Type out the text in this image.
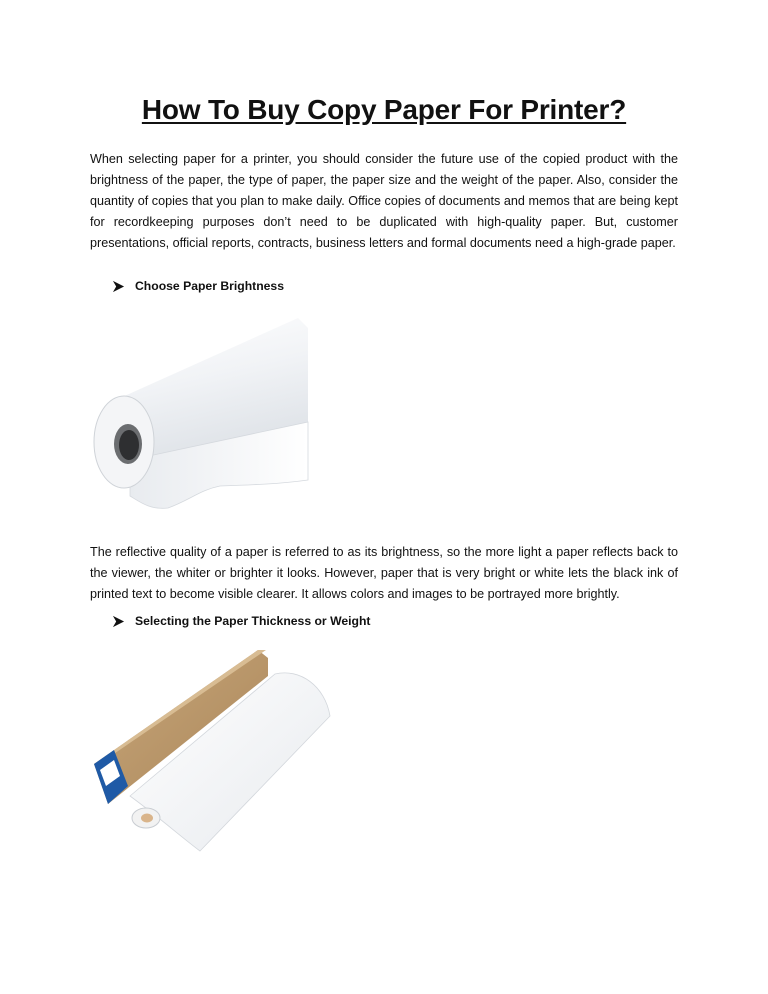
How To Buy Copy Paper For Printer?

When selecting paper for a printer, you should consider the future use of the copied product with the brightness of the paper, the type of paper, the paper size and the weight of the paper. Also, consider the quantity of copies that you plan to make daily. Office copies of documents and memos that are being kept for recordkeeping purposes don’t need to be duplicated with high-quality paper. But, customer presentations, official reports, contracts, business letters and formal documents need a high-grade paper.

Choose Paper Brightness

The reflective quality of a paper is referred to as its brightness, so the more light a paper reflects back to the viewer, the whiter or brighter it looks. However, paper that is very bright or white lets the black ink of printed text to become visible clearer. It allows colors and images to be portrayed more brightly.

Selecting the Paper Thickness or Weight
